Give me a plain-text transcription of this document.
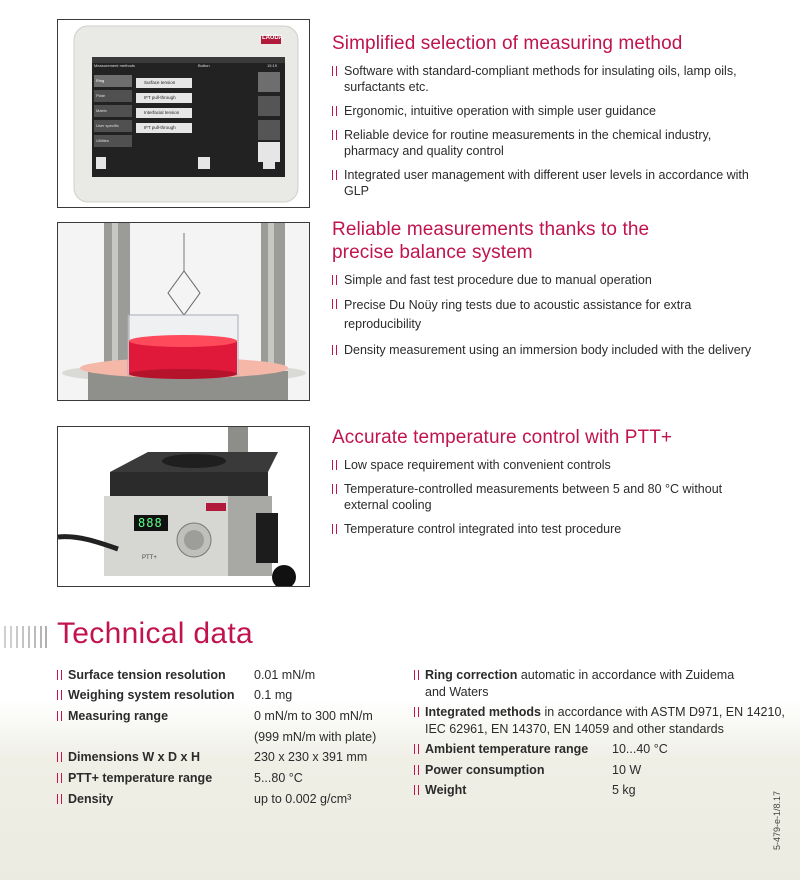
LAUDA
Measurement methods	Button	15:19
Ring
Plate
Matrix
User specific
Utilities
Surface tension
IFT pull-through
Interfacial tension
IFT pull-through
888
PTT+
Simplified selection of measuring method
Software with standard-compliant methods for insulating oils, lamp oils, surfactants etc.
Ergonomic, intuitive operation with simple user guidance
Reliable device for routine measurements in the chemical industry, pharmacy and quality control
Integrated user management with different user levels in accordance with GLP
Reliable measurements thanks to the precise balance system
Simple and fast test procedure due to manual operation
Precise Du Noüy ring tests due to acoustic assistance for extra reproducibility
Density measurement using an immersion body included with the delivery
Accurate temperature control with PTT+
Low space requirement with convenient controls
Temperature-controlled measurements between 5 and 80 °C without external cooling
Temperature control integrated into test procedure
Technical data
Surface tension resolution 0.01 mN/m
Weighing system resolution 0.1 mg
Measuring range	0 mN/m to 300 mN/m
(999 mN/m with plate)
Dimensions W x D x H	230 x 230 x 391 mm
PTT+ temperature range	5...80 °C
Density	up to 0.002 g/cm³
Ring correction automatic in accordance with Zuidema
and Waters
Integrated methods in accordance with ASTM D971, EN 14210,
IEC 62961, EN 14370, EN 14059 and other standards
Ambient temperature range 10...40 °C
Power consumption	10 W
Weight	5 kg
5-479-e-1/8.17
